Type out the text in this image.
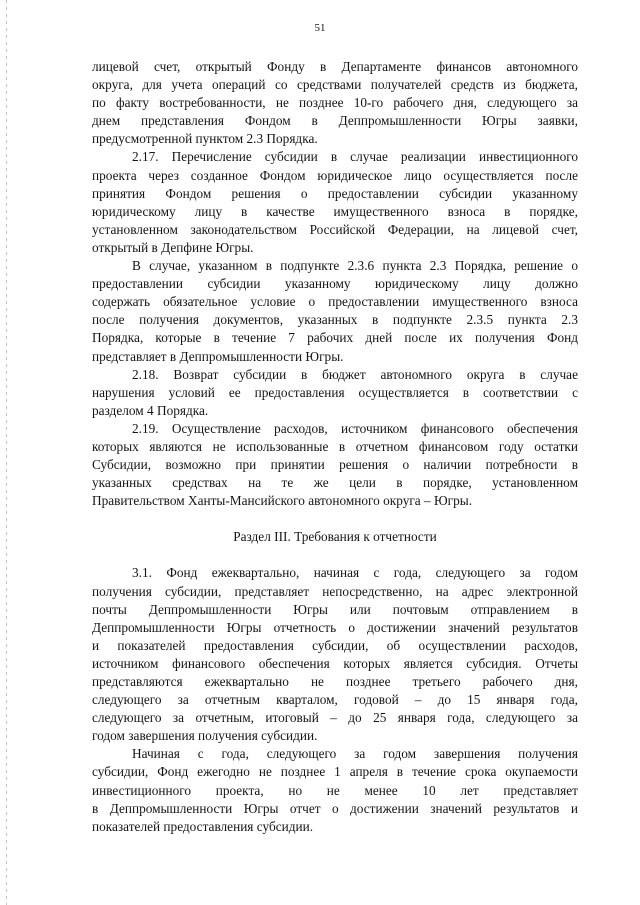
51
лицевой счет, открытый Фонду в Департаменте финансов автономного
округа, для учета операций со средствами получателей средств из бюджета,
по факту востребованности, не позднее 10-го рабочего дня, следующего за
днем представления Фондом в Деппромышленности Югры заявки,
предусмотренной пунктом 2.3 Порядка.
2.17. Перечисление субсидии в случае реализации инвестиционного
проекта через созданное Фондом юридическое лицо осуществляется после
принятия Фондом решения о предоставлении субсидии указанному
юридическому лицу в качестве имущественного взноса в порядке,
установленном законодательством Российской Федерации, на лицевой счет,
открытый в Депфине Югры.
В случае, указанном в подпункте 2.3.6 пункта 2.3 Порядка, решение о
предоставлении субсидии указанному юридическому лицу должно
содержать обязательное условие о предоставлении имущественного взноса
после получения документов, указанных в подпункте 2.3.5 пункта 2.3
Порядка, которые в течение 7 рабочих дней после их получения Фонд
представляет в Деппромышленности Югры.
2.18. Возврат субсидии в бюджет автономного округа в случае
нарушения условий ее предоставления осуществляется в соответствии с
разделом 4 Порядка.
2.19. Осуществление расходов, источником финансового обеспечения
которых являются не использованные в отчетном финансовом году остатки
Субсидии, возможно при принятии решения о наличии потребности в
указанных средствах на те же цели в порядке, установленном
Правительством Ханты-Мансийского автономного округа – Югры.
Раздел III. Требования к отчетности
3.1. Фонд ежеквартально, начиная с года, следующего за годом
получения субсидии, представляет непосредственно, на адрес электронной
почты Деппромышленности Югры или почтовым отправлением в
Деппромышленности Югры отчетность о достижении значений результатов
и показателей предоставления субсидии, об осуществлении расходов,
источником финансового обеспечения которых является субсидия. Отчеты
представляются ежеквартально не позднее третьего рабочего дня,
следующего за отчетным кварталом, годовой – до 15 января года,
следующего за отчетным, итоговый – до 25 января года, следующего за
годом завершения получения субсидии.
Начиная с года, следующего за годом завершения получения
субсидии, Фонд ежегодно не позднее 1 апреля в течение срока окупаемости
инвестиционного проекта, но не менее 10 лет представляет
в Деппромышленности Югры отчет о достижении значений результатов и
показателей предоставления субсидии.
